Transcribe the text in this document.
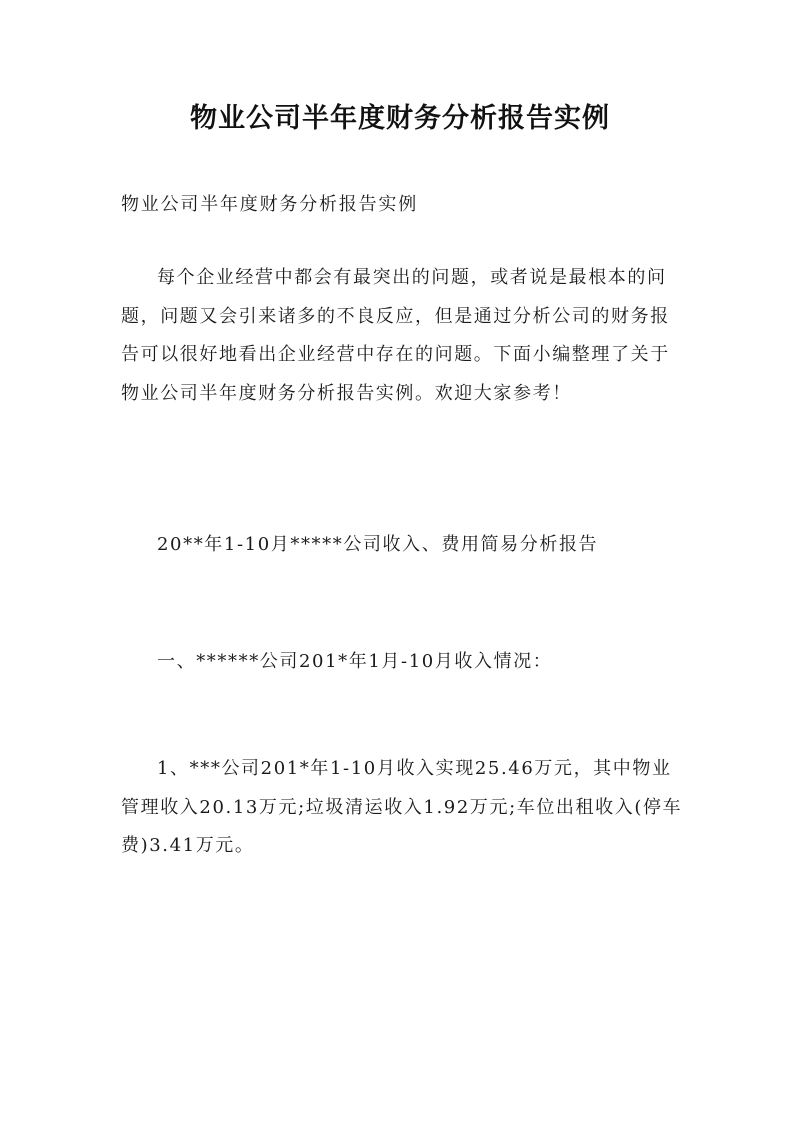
物业公司半年度财务分析报告实例

物业公司半年度财务分析报告实例

每个企业经营中都会有最突出的问题，或者说是最根本的问题，问题又会引来诸多的不良反应，但是通过分析公司的财务报告可以很好地看出企业经营中存在的问题。下面小编整理了关于物业公司半年度财务分析报告实例。欢迎大家参考！

20**年1-10月*****公司收入、费用简易分析报告

一、******公司201*年1月-10月收入情况：

1、***公司201*年1-10月收入实现25.46万元，其中物业管理收入20.13万元;垃圾清运收入1.92万元;车位出租收入(停车费)3.41万元。
